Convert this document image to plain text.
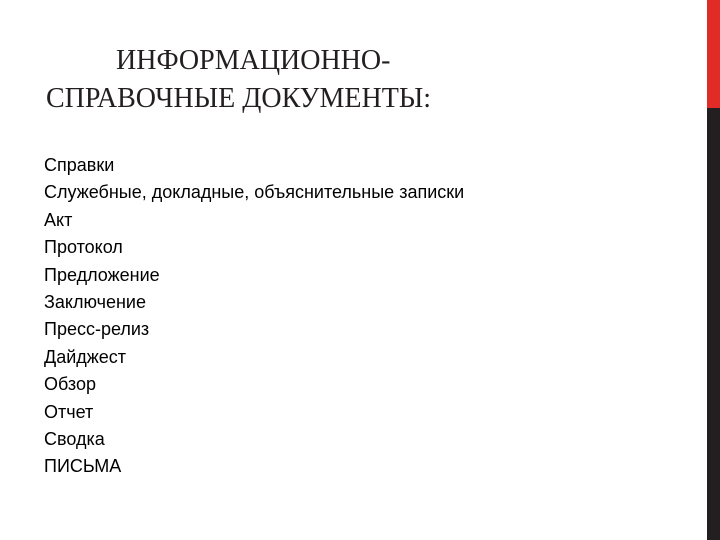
ИНФОРМАЦИОННО-
СПРАВОЧНЫЕ ДОКУМЕНТЫ:
Справки
Служебные, докладные, объяснительные записки
Акт
Протокол
Предложение
Заключение
Пресс-релиз
Дайджест
Обзор
Отчет
Сводка
ПИСЬМА
